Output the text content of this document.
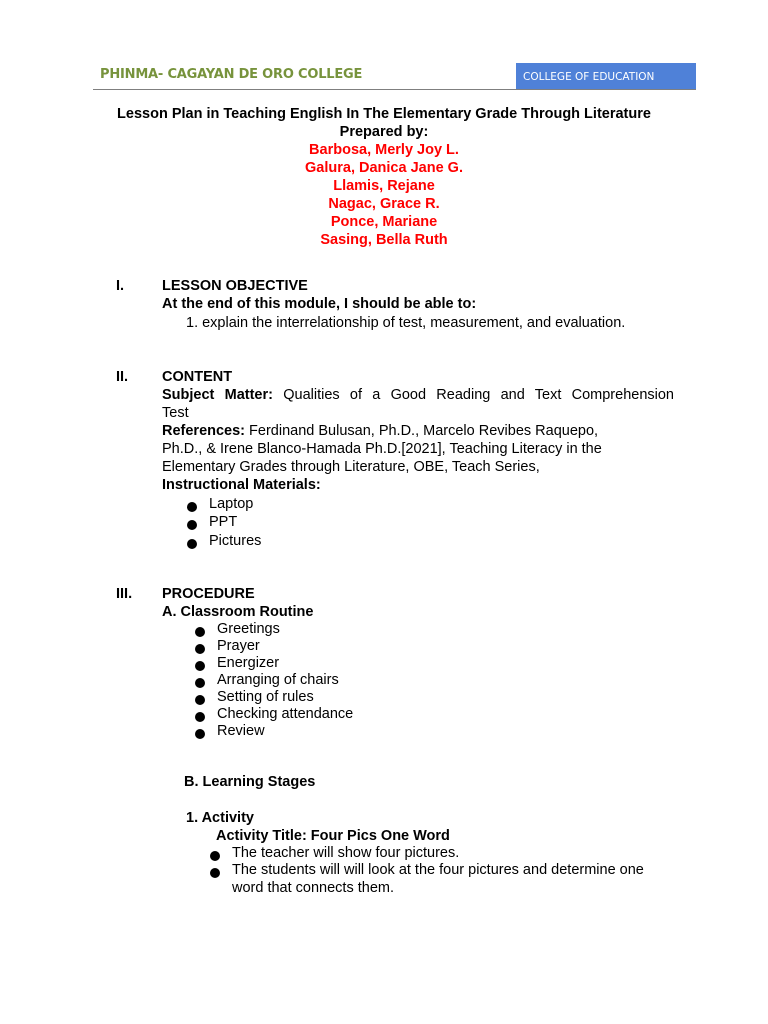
PHINMA- CAGAYAN DE ORO COLLEGE	COLLEGE OF EDUCATION
Lesson Plan in Teaching English In The Elementary Grade Through Literature
Prepared by:
Barbosa, Merly Joy L.
Galura, Danica Jane G.
Llamis, Rejane
Nagac, Grace R.
Ponce, Mariane
Sasing, Bella Ruth
I.	LESSON OBJECTIVE
At the end of this module, I should be able to:
1. explain the interrelationship of test, measurement, and evaluation.
II. CONTENT
Subject Matter: Qualities of a Good Reading and Text Comprehension
Test
References: Ferdinand Bulusan, Ph.D., Marcelo Revibes Raquepo,
Ph.D., & Irene Blanco-Hamada Ph.D.[2021], Teaching Literacy in the
Elementary Grades through Literature, OBE, Teach Series,
Instructional Materials:
Laptop
PPT
Pictures
III. PROCEDURE
A. Classroom Routine
Greetings
Prayer
Energizer
Arranging of chairs
Setting of rules
Checking attendance
Review
B. Learning Stages
1. Activity
Activity Title: Four Pics One Word
The teacher will show four pictures.
The students will will look at the four pictures and determine one
word that connects them.
